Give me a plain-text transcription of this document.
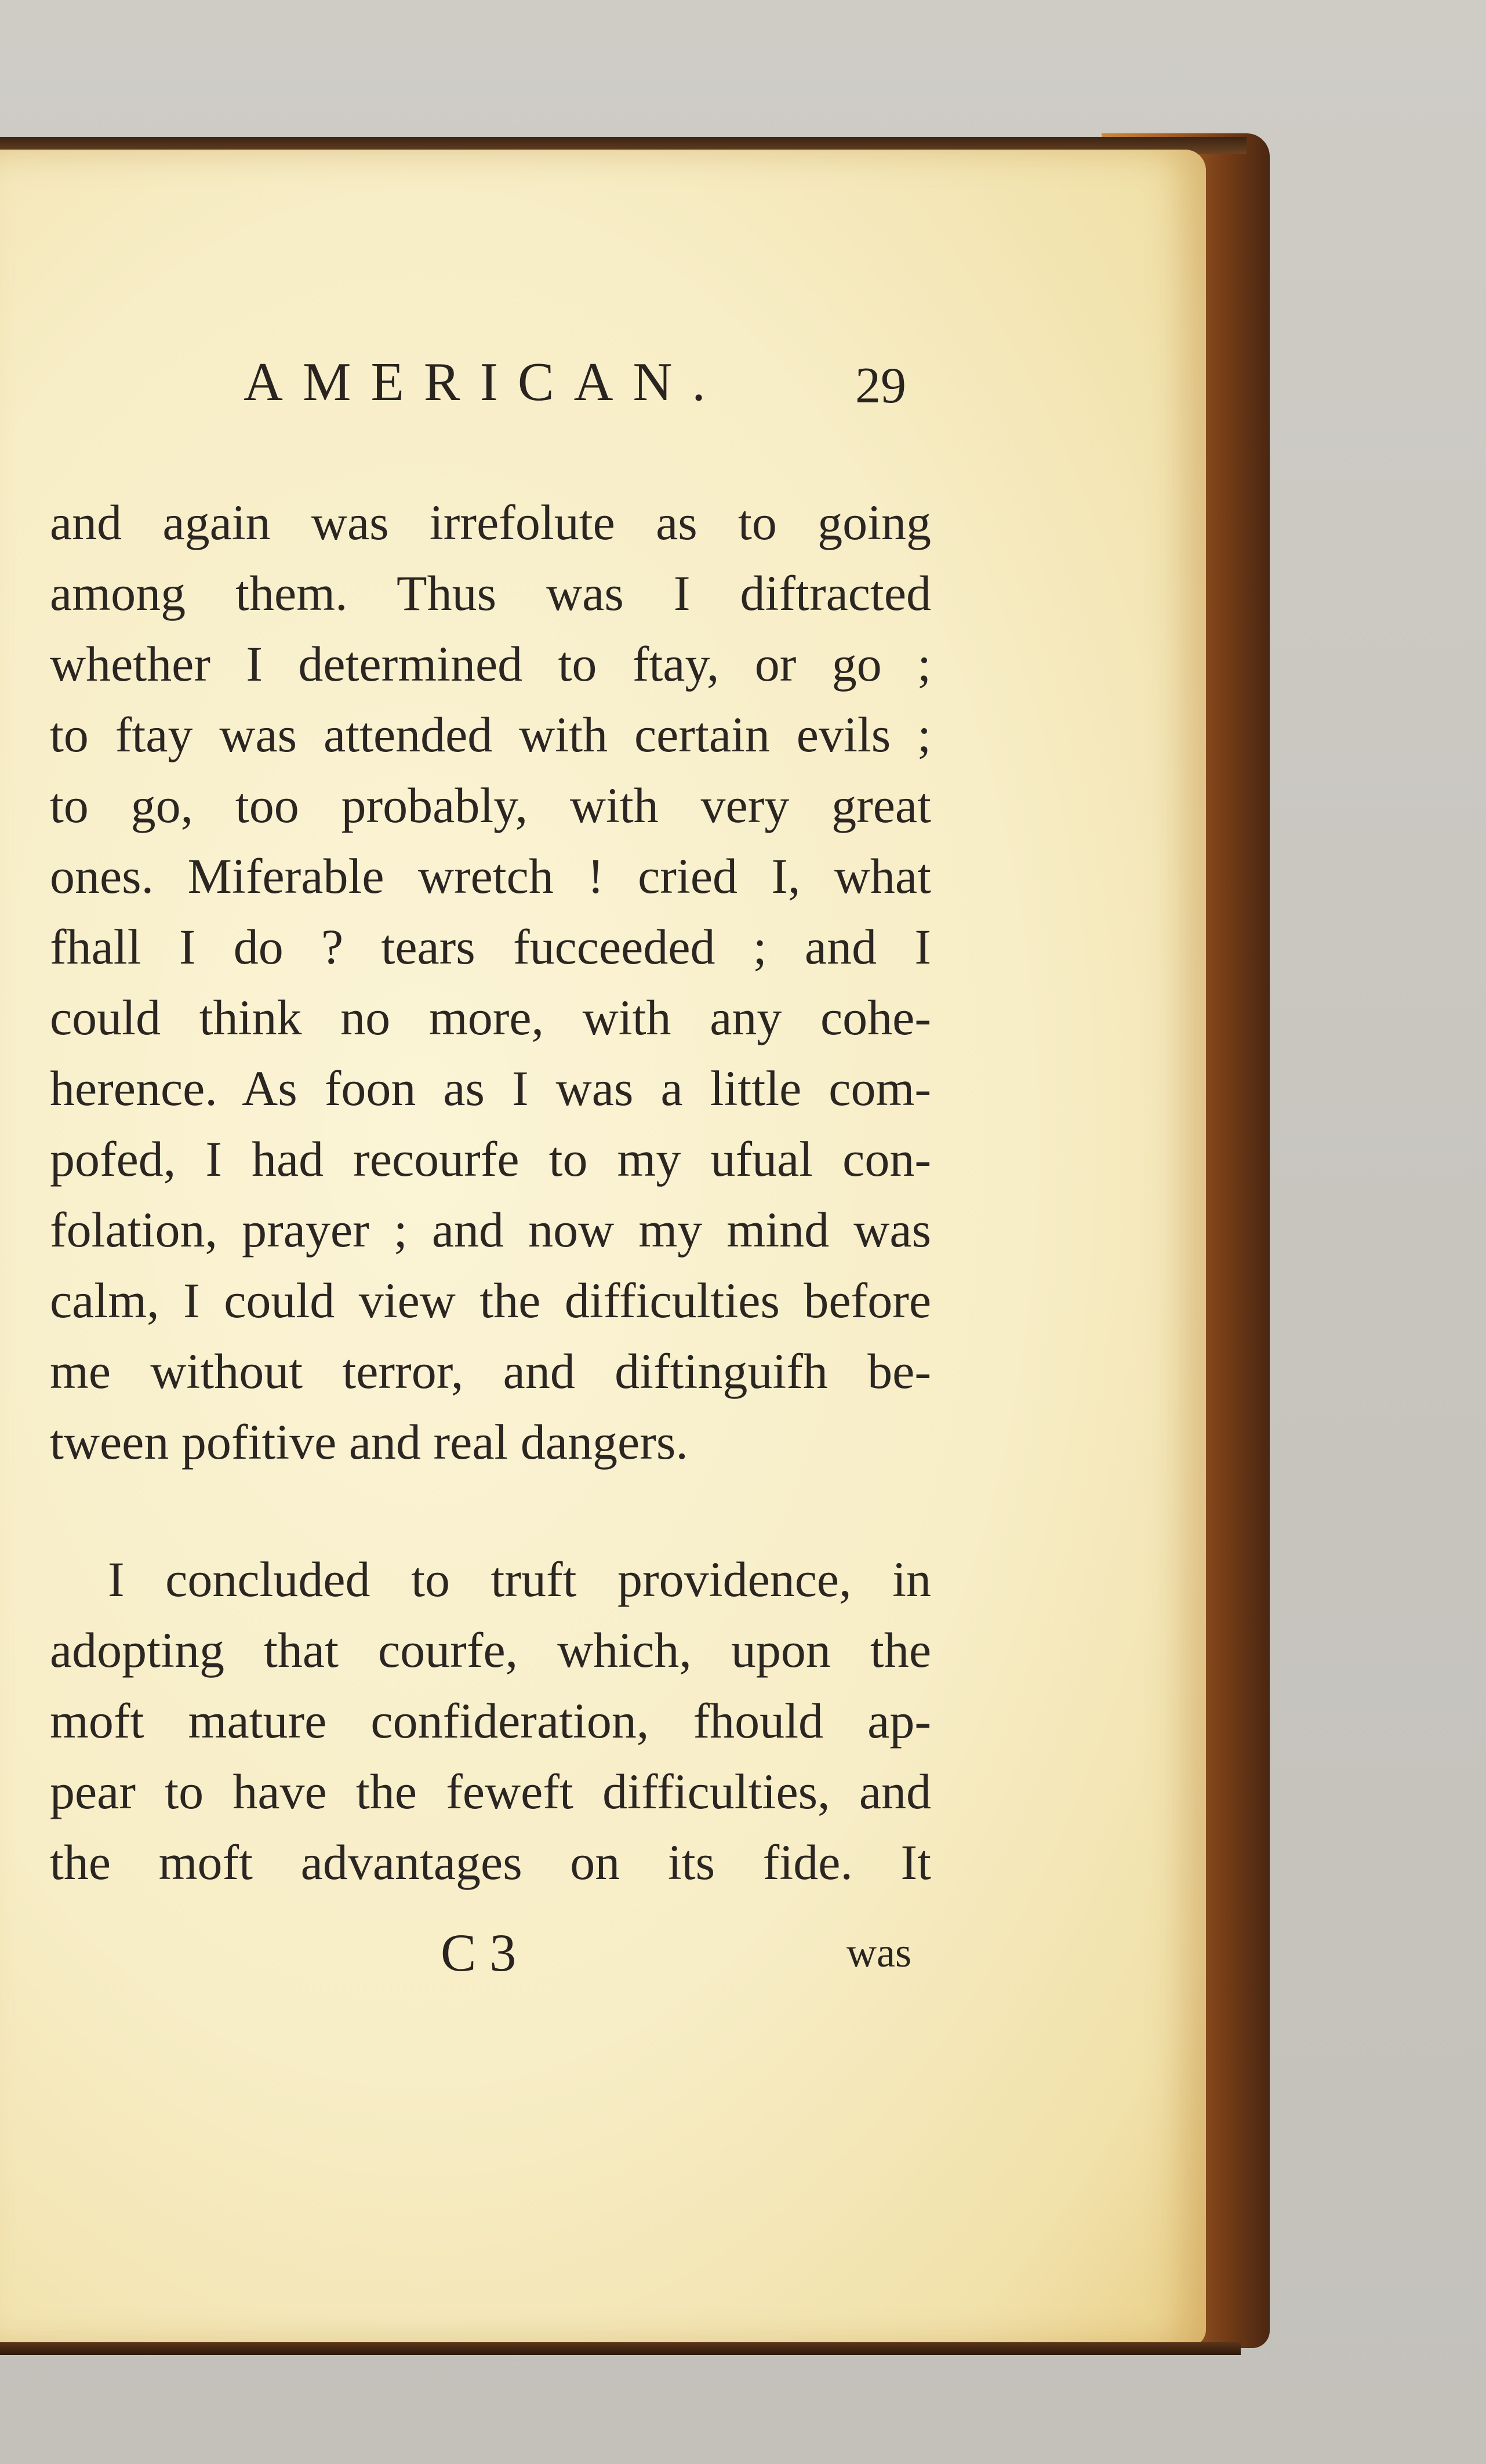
AMERICAN.	29
and again was irrefolute as to going
among them. Thus was I diftracted
whether I determined to ftay, or go ;
to ftay was attended with certain evils ;
to go, too probably, with very great
ones. Miferable wretch ! cried I, what
fhall I do ? tears fucceeded ; and I
could think no more, with any cohe-
herence. As foon as I was a little com-
pofed, I had recourfe to my ufual con-
folation, prayer ; and now my mind was
calm, I could view the difficulties before
me without terror, and diftinguifh be-
tween pofitive and real dangers.
I concluded to truft providence, in
adopting that courfe, which, upon the
moft mature confideration, fhould ap-
pear to have the feweft difficulties, and
the moft advantages on its fide. It
C 3	was
